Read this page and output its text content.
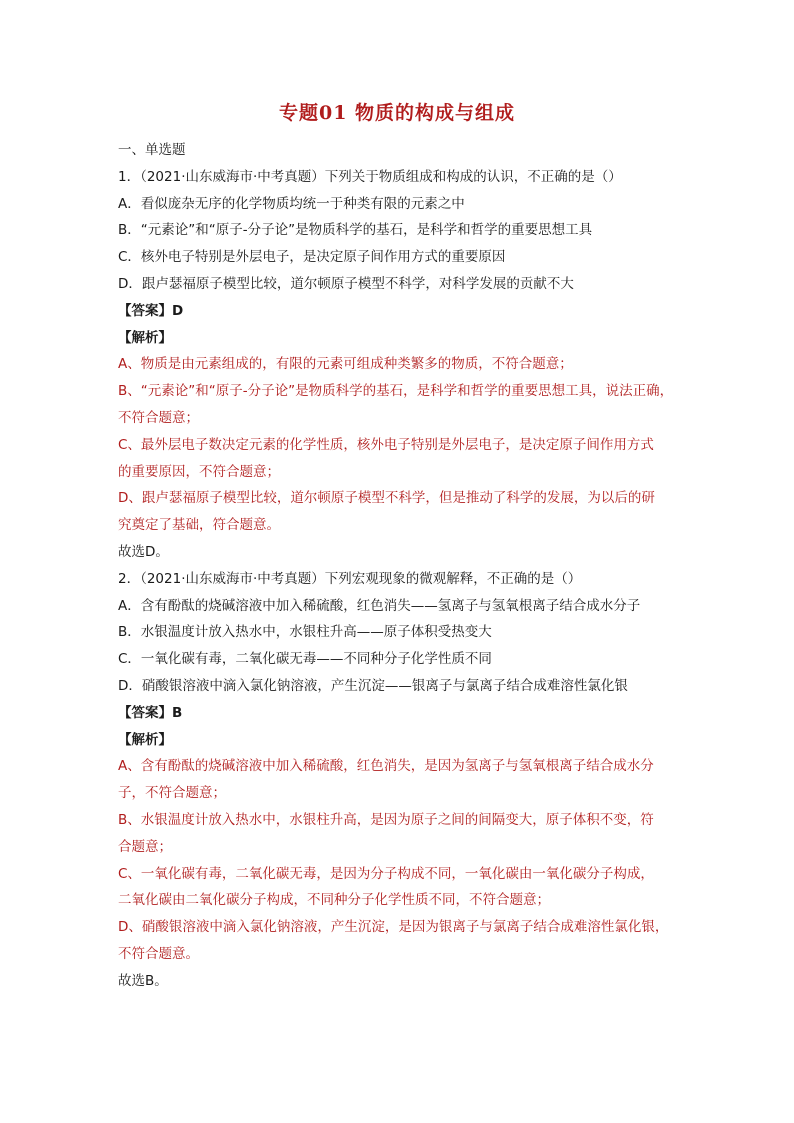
专题01 物质的构成与组成
一、单选题
1．（2021·山东威海市·中考真题）下列关于物质组成和构成的认识，不正确的是（）
A．看似庞杂无序的化学物质均统一于种类有限的元素之中
B．“元素论”和“原子-分子论”是物质科学的基石，是科学和哲学的重要思想工具
C．核外电子特别是外层电子，是决定原子间作用方式的重要原因
D．跟卢瑟福原子模型比较，道尔顿原子模型不科学，对科学发展的贡献不大
【答案】D
【解析】
A、物质是由元素组成的，有限的元素可组成种类繁多的物质，不符合题意；
B、“元素论”和“原子-分子论”是物质科学的基石，是科学和哲学的重要思想工具，说法正确，
不符合题意；
C、最外层电子数决定元素的化学性质，核外电子特别是外层电子，是决定原子间作用方式
的重要原因，不符合题意；
D、跟卢瑟福原子模型比较，道尔顿原子模型不科学，但是推动了科学的发展，为以后的研
究奠定了基础，符合题意。
故选D。
2．（2021·山东威海市·中考真题）下列宏观现象的微观解释，不正确的是（）
A．含有酚酞的烧碱溶液中加入稀硫酸，红色消失——氢离子与氢氧根离子结合成水分子
B．水银温度计放入热水中，水银柱升高——原子体积受热变大
C．一氧化碳有毒，二氧化碳无毒——不同种分子化学性质不同
D．硝酸银溶液中滴入氯化钠溶液，产生沉淀——银离子与氯离子结合成难溶性氯化银
【答案】B
【解析】
A、含有酚酞的烧碱溶液中加入稀硫酸，红色消失，是因为氢离子与氢氧根离子结合成水分
子，不符合题意；
B、水银温度计放入热水中，水银柱升高，是因为原子之间的间隔变大，原子体积不变，符
合题意；
C、一氧化碳有毒，二氧化碳无毒，是因为分子构成不同，一氧化碳由一氧化碳分子构成，
二氧化碳由二氧化碳分子构成，不同种分子化学性质不同，不符合题意；
D、硝酸银溶液中滴入氯化钠溶液，产生沉淀，是因为银离子与氯离子结合成难溶性氯化银，
不符合题意。
故选B。
